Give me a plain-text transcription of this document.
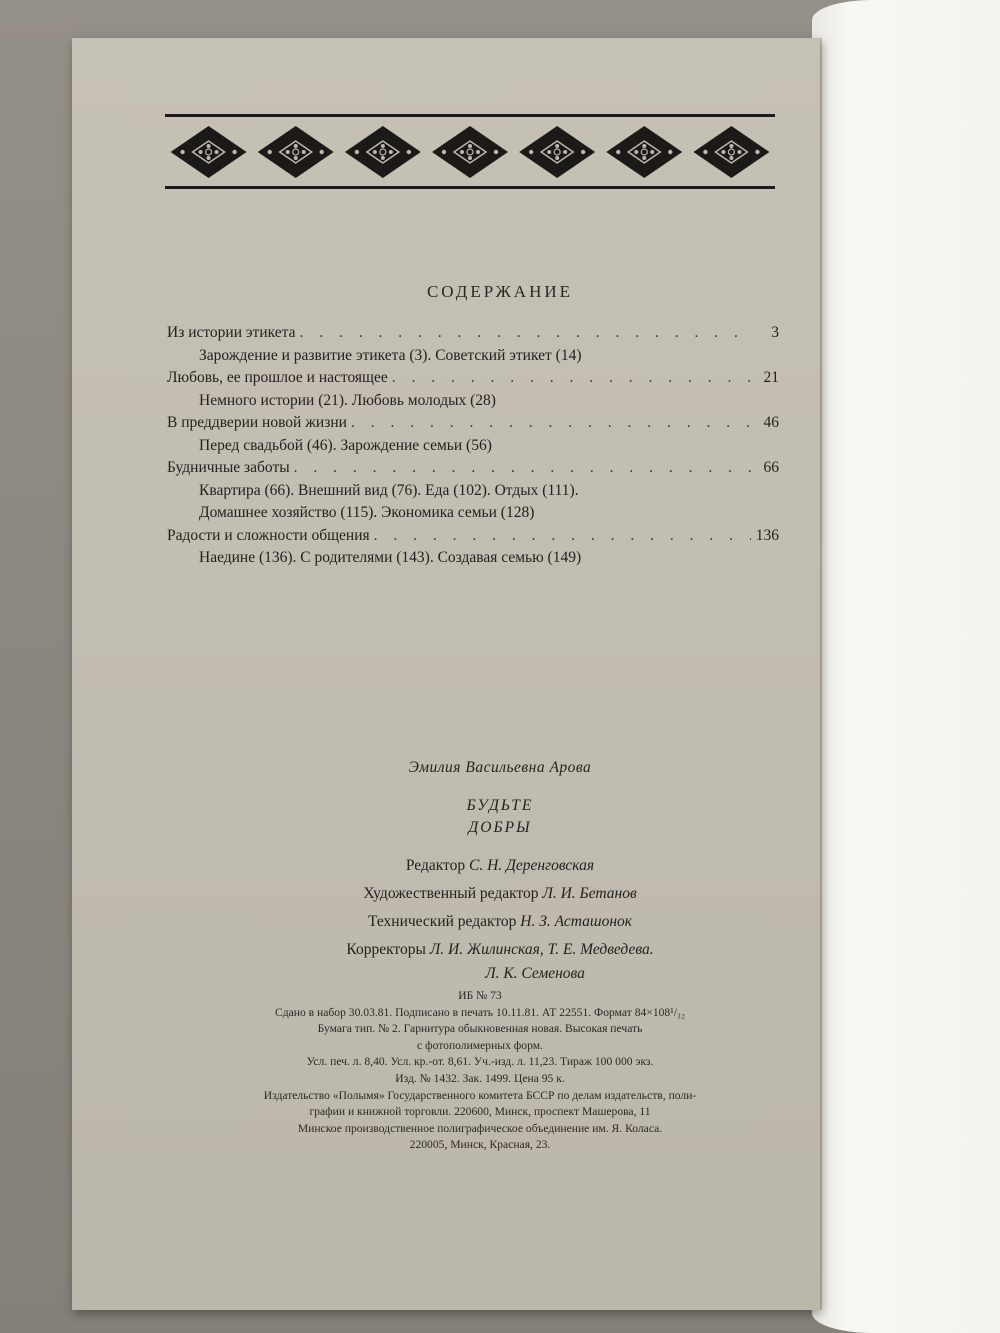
СОДЕРЖАНИЕ
Из истории этикета . . .	3
Зарождение и развитие этикета (3). Советский этикет (14)
Любовь, ее прошлое и настоящее . . .	21
Немного истории (21). Любовь молодых (28)
В преддверии новой жизни . . .	46
Перед свадьбой (46). Зарождение семьи (56)
Будничные заботы . . .	66
Квартира (66). Внешний вид (76). Еда (102). Отдых (111).
Домашнее хозяйство (115). Экономика семьи (128)
Радости и сложности общения . . .	136
Наедине (136). С родителями (143). Создавая семью (149)
Эмилия Васильевна Арова
БУДЬТЕ
ДОБРЫ
Редактор С. Н. Деренговская
Художественный редактор Л. И. Бетанов
Технический редактор Н. З. Асташонок
Корректоры Л. И. Жилинская, Т. Е. Медведева.
Л. К. Семенова
ИБ № 73
Сдано в набор 30.03.81. Подписано в печать 10.11.81. АТ 22551. Формат 84×108¹/₃₂
Бумага тип. № 2. Гарнитура обыкновенная новая. Высокая печать
с фотополимерных форм.
Усл. печ. л. 8,40. Усл. кр.-от. 8,61. Уч.-изд. л. 11,23. Тираж 100 000 экз.
Изд. № 1432. Зак. 1499. Цена 95 к.
Издательство «Полымя» Государственного комитета БССР по делам издательств, поли-
графии и книжной торговли. 220600, Минск, проспект Машерова, 11
Минское производственное полиграфическое объединение им. Я. Коласа.
220005, Минск, Красная, 23.
